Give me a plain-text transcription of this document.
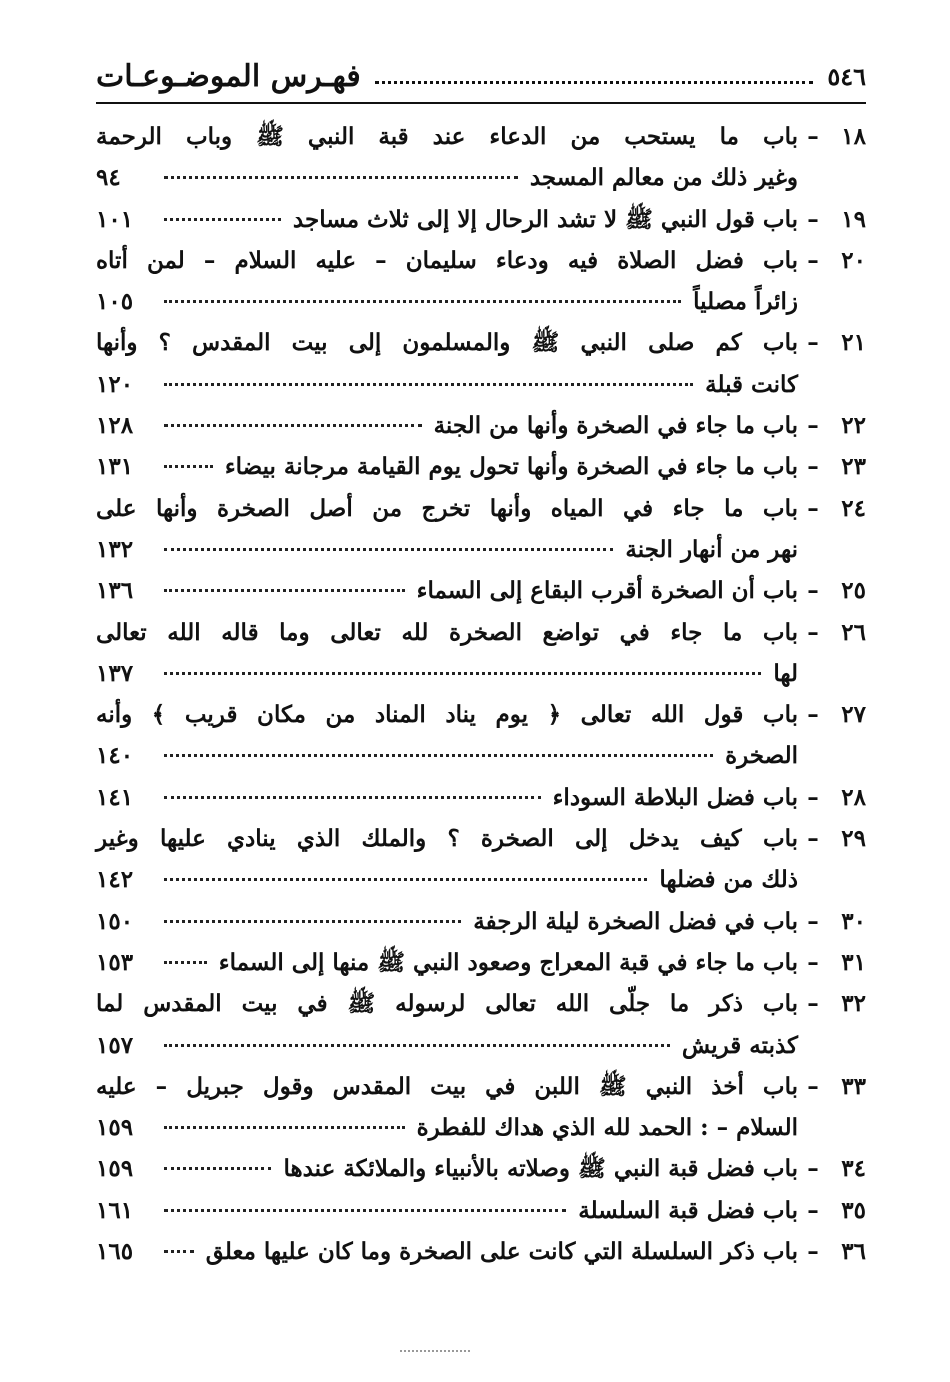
٥٤٦
فهـرس الموضـوعـات
١٨
–
باب ما يستحب من الدعاء عند قبة النبي ﷺ وباب الرحمة
وغير ذلك من معالم المسجد
٩٤
١٩
–
باب قول النبي ﷺ لا تشد الرحال إلا إلى ثلاث مساجد
١٠١
٢٠
–
باب فضل الصلاة فيه ودعاء سليمان – عليه السلام – لمن أتاه
زائراً مصلياً
١٠٥
٢١
–
باب كم صلى النبي ﷺ والمسلمون إلى بيت المقدس ؟ وأنها
كانت قبلة
١٢٠
٢٢
–
باب ما جاء في الصخرة وأنها من الجنة
١٢٨
٢٣
–
باب ما جاء في الصخرة وأنها تحول يوم القيامة مرجانة بيضاء
١٣١
٢٤
–
باب ما جاء في المياه وأنها تخرج من أصل الصخرة وأنها على
نهر من أنهار الجنة
١٣٢
٢٥
–
باب أن الصخرة أقرب البقاع إلى السماء
١٣٦
٢٦
–
باب ما جاء في تواضع الصخرة لله تعالى وما قاله الله تعالى
لها
١٣٧
٢٧
–
باب قول الله تعالى ﴿ يوم يناد المناد من مكان قريب ﴾ وأنه
الصخرة
١٤٠
٢٨
–
باب فضل البلاطة السوداء
١٤١
٢٩
–
باب كيف يدخل إلى الصخرة ؟ والملك الذي ينادي عليها وغير
ذلك من فضلها
١٤٢
٣٠
–
باب في فضل الصخرة ليلة الرجفة
١٥٠
٣١
–
باب ما جاء في قبة المعراج وصعود النبي ﷺ منها إلى السماء
١٥٣
٣٢
–
باب ذكر ما جلّى الله تعالى لرسوله ﷺ في بيت المقدس لما
كذبته قريش
١٥٧
٣٣
–
باب أخذ النبي ﷺ اللبن في بيت المقدس وقول جبريل – عليه
السلام – : الحمد لله الذي هداك للفطرة
١٥٩
٣٤
–
باب فضل قبة النبي ﷺ وصلاته بالأنبياء والملائكة عندها
١٥٩
٣٥
–
باب فضل قبة السلسلة
١٦١
٣٦
–
باب ذكر السلسلة التي كانت على الصخرة وما كان عليها معلق
١٦٥
